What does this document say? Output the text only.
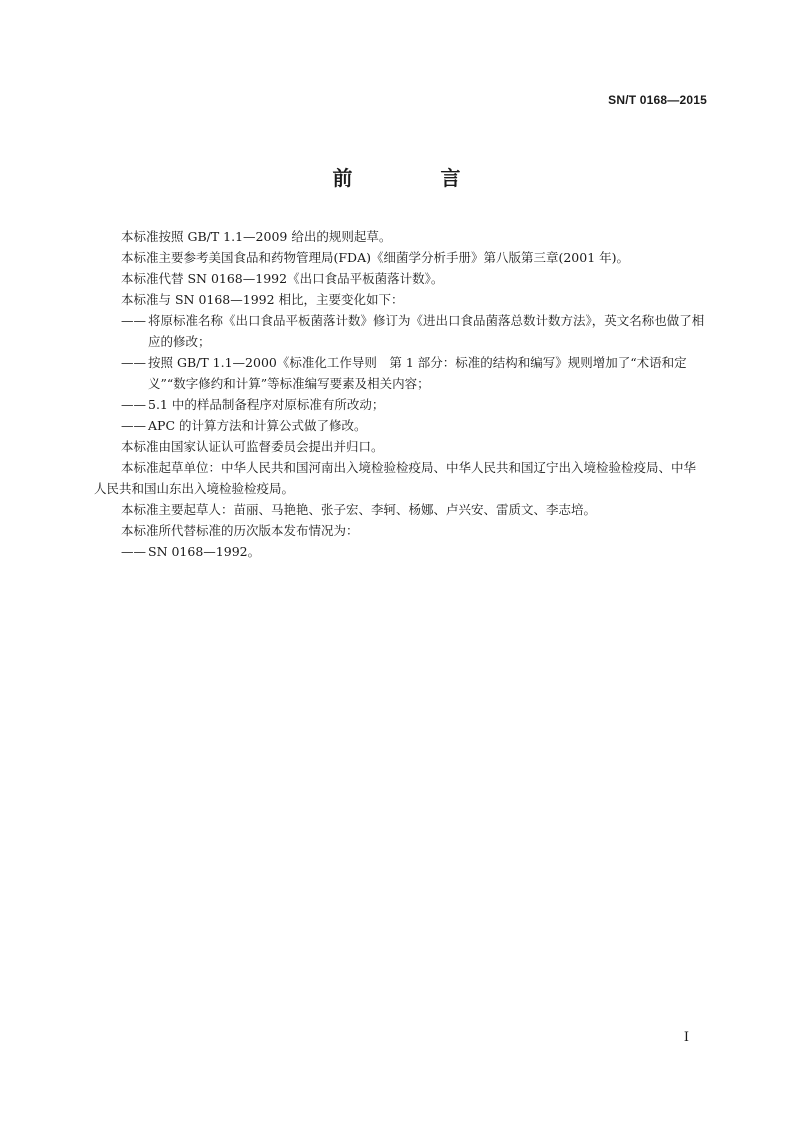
SN/T 0168—2015
前　言
本标准按照 GB/T 1.1—2009 给出的规则起草。
本标准主要参考美国食品和药物管理局(FDA)《细菌学分析手册》第八版第三章(2001 年)。
本标准代替 SN 0168—1992《出口食品平板菌落计数》。
本标准与 SN 0168—1992 相比，主要变化如下：
—— 将原标准名称《出口食品平板菌落计数》修订为《进出口食品菌落总数计数方法》，英文名称也做了相应的修改；
—— 按照 GB/T 1.1—2000《标准化工作导则　第 1 部分：标准的结构和编写》规则增加了“术语和定义”“数字修约和计算”等标准编写要素及相关内容；
—— 5.1 中的样品制备程序对原标准有所改动；
—— APC 的计算方法和计算公式做了修改。
本标准由国家认证认可监督委员会提出并归口。
本标准起草单位：中华人民共和国河南出入境检验检疫局、中华人民共和国辽宁出入境检验检疫局、中华人民共和国山东出入境检验检疫局。
本标准主要起草人：苗丽、马艳艳、张子宏、李轲、杨娜、卢兴安、雷质文、李志培。
本标准所代替标准的历次版本发布情况为：
—— SN 0168—1992。
I
